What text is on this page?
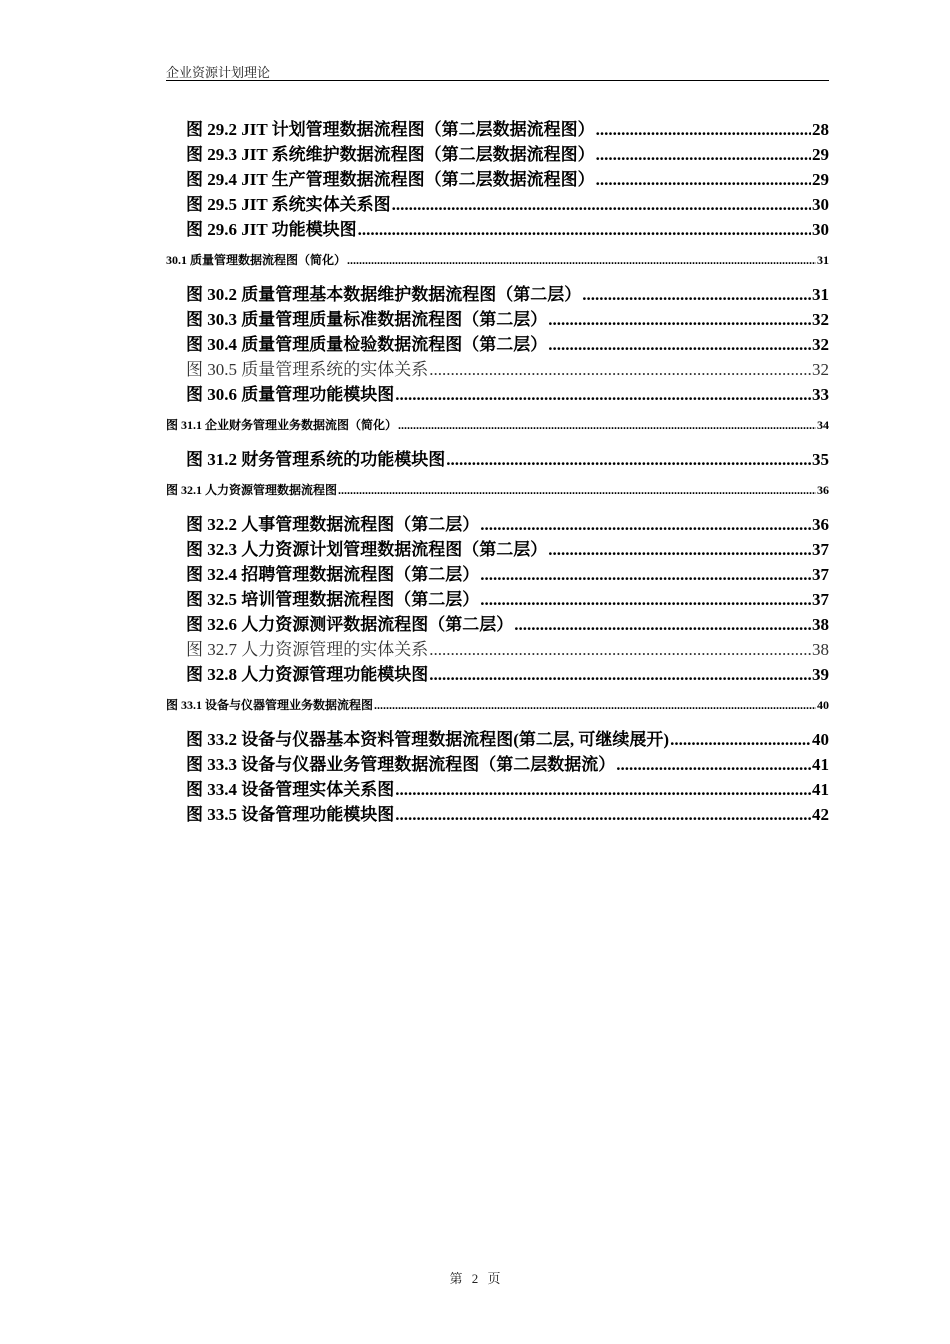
企业资源计划理论
图 29.2 JIT 计划管理数据流程图（第二层数据流程图） .....	28
图 29.3 JIT 系统维护数据流程图（第二层数据流程图） .....	29
图 29.4 JIT 生产管理数据流程图（第二层数据流程图） .....	29
图 29.5 JIT 系统实体关系图 .....	30
图 29.6 JIT 功能模块图 .....	30
30.1 质量管理数据流程图（简化） .....	31
图 30.2 质量管理基本数据维护数据流程图（第二层） .....	31
图 30.3 质量管理质量标准数据流程图（第二层） .....	32
图 30.4 质量管理质量检验数据流程图（第二层） .....	32
图 30.5 质量管理系统的实体关系 .....	32
图 30.6 质量管理功能模块图 .....	33
图 31.1 企业财务管理业务数据流图（简化） .....	34
图 31.2 财务管理系统的功能模块图 .....	35
图 32.1 人力资源管理数据流程图 .....	36
图 32.2 人事管理数据流程图（第二层） .....	36
图 32.3 人力资源计划管理数据流程图（第二层） .....	37
图 32.4 招聘管理数据流程图（第二层） .....	37
图 32.5 培训管理数据流程图（第二层） .....	37
图 32.6 人力资源测评数据流程图（第二层） .....	38
图 32.7 人力资源管理的实体关系 .....	38
图 32.8 人力资源管理功能模块图 .....	39
图 33.1 设备与仪器管理业务数据流程图 .....	40
图 33.2 设备与仪器基本资料管理数据流程图(第二层, 可继续展开) .....	40
图 33.3 设备与仪器业务管理数据流程图（第二层数据流） .....	41
图 33.4 设备管理实体关系图 .....	41
图 33.5 设备管理功能模块图 .....	42
第 2 页
